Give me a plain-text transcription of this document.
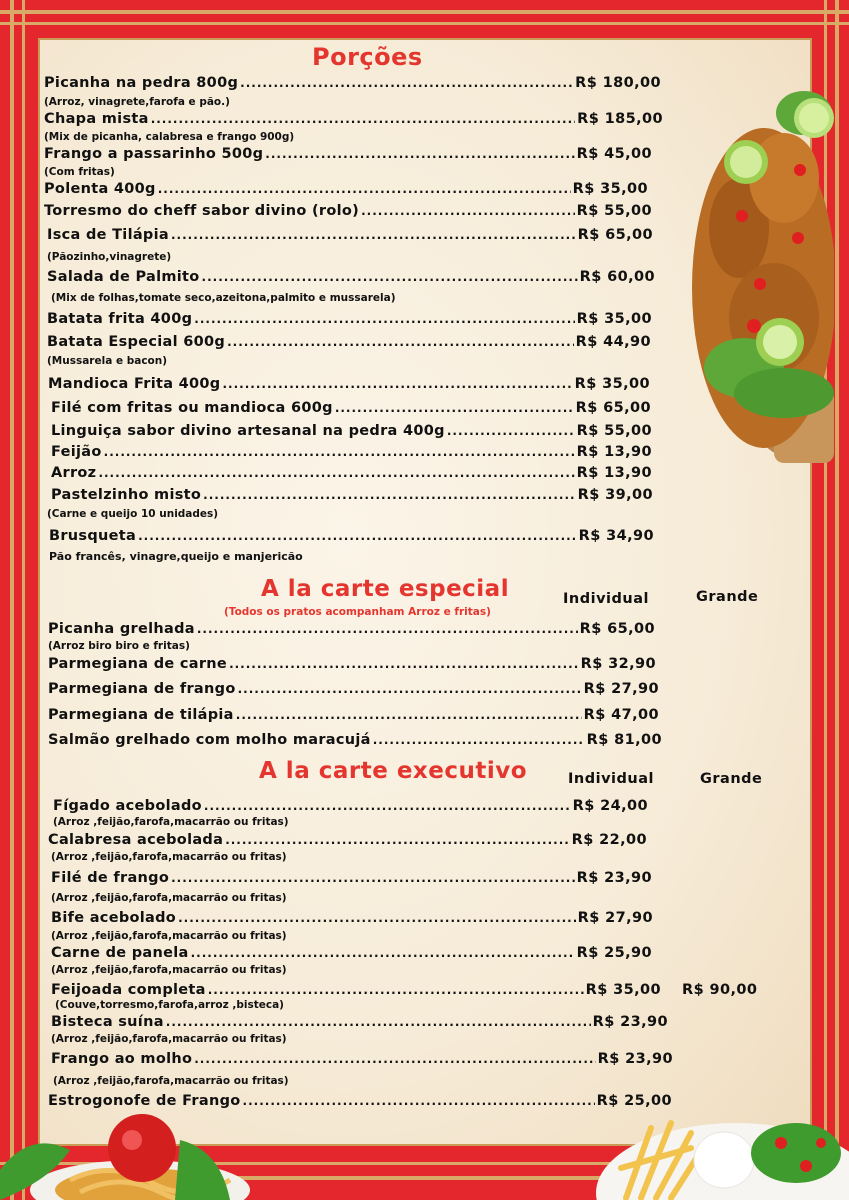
Porções
Picanha na pedra 800g .....	R$ 180,00
(Arroz, vinagrete,farofa e pão.)
Chapa mista .....	R$ 185,00
(Mix de picanha, calabresa e frango 900g)
Frango a passarinho 500g .....	R$ 45,00
(Com fritas)
Polenta 400g .....	R$ 35,00
Torresmo do cheff sabor divino (rolo) .....	R$ 55,00
Isca de Tilápia .....	R$ 65,00
(Pãozinho,vinagrete)
Salada de Palmito .....	R$ 60,00
(Mix de folhas,tomate seco,azeitona,palmito e mussarela)
Batata frita 400g .....	R$ 35,00
Batata Especial 600g .....	R$ 44,90
(Mussarela e bacon)
Mandioca Frita 400g .....	R$ 35,00
Filé com fritas ou mandioca 600g .....	R$ 65,00
Linguiça sabor divino artesanal na pedra 400g .....	R$ 55,00
Feijão .....	R$ 13,90
Arroz .....	R$ 13,90
Pastelzinho misto .....	R$ 39,00
(Carne e queijo 10 unidades)
Brusqueta .....	R$ 34,90
Pão francês, vinagre,queijo e manjericão
A la carte especial
(Todos os pratos acompanham Arroz e fritas)
Individual	Grande
Picanha grelhada .....	R$ 65,00
(Arroz biro biro e fritas)
Parmegiana de carne .....	R$ 32,90
Parmegiana de frango .....	R$ 27,90
Parmegiana de tilápia .....	R$ 47,00
Salmão grelhado com molho maracujá .....	R$ 81,00
A la carte executivo	Individual	Grande
Fígado acebolado .....	R$ 24,00
(Arroz ,feijão,farofa,macarrão ou fritas)
Calabresa acebolada .....	R$ 22,00
(Arroz ,feijão,farofa,macarrão ou fritas)
Filé de frango .....	R$ 23,90
(Arroz ,feijão,farofa,macarrão ou fritas)
Bife acebolado .....	R$ 27,90
(Arroz ,feijão,farofa,macarrão ou fritas)
Carne de panela .....	R$ 25,90
(Arroz ,feijão,farofa,macarrão ou fritas)
Feijoada completa .....	R$ 35,00 R$ 90,00
(Couve,torresmo,farofa,arroz ,bisteca)
Bisteca suína .....	R$ 23,90
(Arroz ,feijão,farofa,macarrão ou fritas)
Frango ao molho .....	R$ 23,90
(Arroz ,feijão,farofa,macarrão ou fritas)
Estrogonofe de Frango .....	R$ 25,00
